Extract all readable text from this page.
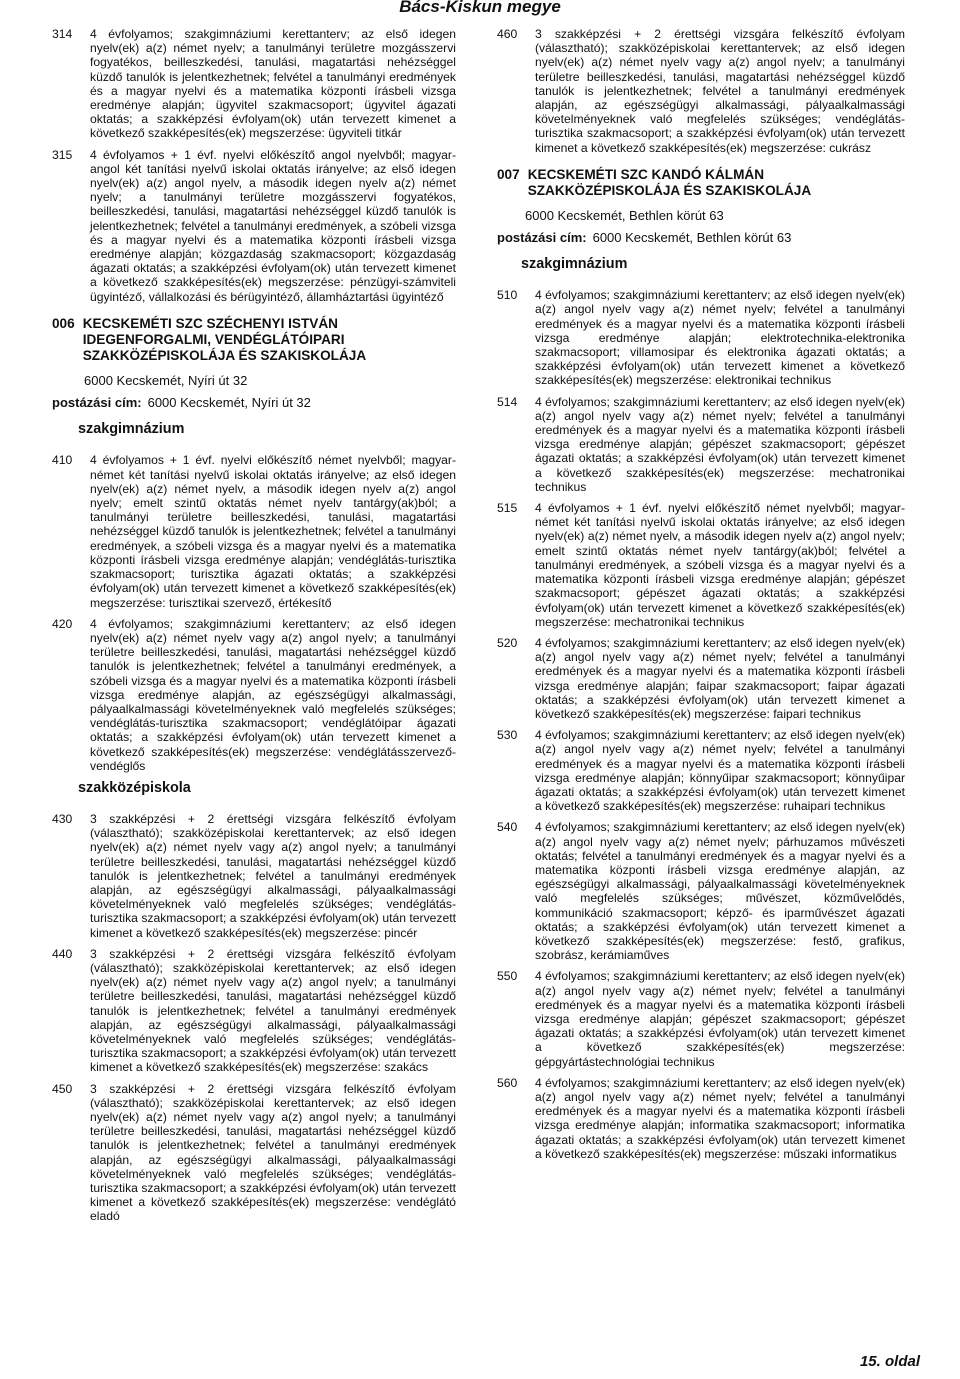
Bács-Kiskun megye
314	4 évfolyamos; szakgimnáziumi kerettanterv; az első idegen nyelv(ek) a(z) német nyelv; a tanulmányi területre mozgásszervi fogyatékos, beilleszkedési, tanulási, magatartási nehézséggel küzdő tanulók is jelentkezhetnek; felvétel a tanulmányi eredmények és a magyar nyelvi és a matematika központi írásbeli vizsga eredménye alapján; ügyvitel szakmacsoport; ügyvitel ágazati oktatás; a szakképzési évfolyam(ok) után tervezett kimenet a következő szakképesítés(ek) megszerzése: ügyviteli titkár
315	4 évfolyamos + 1 évf. nyelvi előkészítő angol nyelvből; magyar-angol két tanítási nyelvű iskolai oktatás irányelve; az első idegen nyelv(ek) a(z) angol nyelv, a második idegen nyelv a(z) német nyelv; a tanulmányi területre mozgásszervi fogyatékos, beilleszkedési, tanulási, magatartási nehézséggel küzdő tanulók is jelentkezhetnek; felvétel a tanulmányi eredmények, a szóbeli vizsga és a magyar nyelvi és a matematika központi írásbeli vizsga eredménye alapján; közgazdaság szakmacsoport; közgazdaság ágazati oktatás; a szakképzési évfolyam(ok) után tervezett kimenet a következő szakképesítés(ek) megszerzése: pénzügyi-számviteli ügyintéző, vállalkozási és bérügyintéző, államháztartási ügyintéző
006 KECSKEMÉTI SZC SZÉCHENYI ISTVÁN
IDEGENFORGALMI, VENDÉGLÁTÓIPARI
SZAKKÖZÉPISKOLÁJA ÉS SZAKISKOLÁJA
6000 Kecskemét, Nyíri út 32
postázási cím: 6000 Kecskemét, Nyíri út 32
szakgimnázium
410	4 évfolyamos + 1 évf. nyelvi előkészítő német nyelvből; magyar-német két tanítási nyelvű iskolai oktatás irányelve; az első idegen nyelv(ek) a(z) német nyelv, a második idegen nyelv a(z) angol nyelv; emelt szintű oktatás német nyelv tantárgy(ak)ból; a tanulmányi területre beilleszkedési, tanulási, magatartási nehézséggel küzdő tanulók is jelentkezhetnek; felvétel a tanulmányi eredmények, a szóbeli vizsga és a magyar nyelvi és a matematika központi írásbeli vizsga eredménye alapján; vendéglátás-turisztika szakmacsoport; turisztika ágazati oktatás; a szakképzési évfolyam(ok) után tervezett kimenet a következő szakképesítés(ek) megszerzése: turisztikai szervező, értékesítő
420	4 évfolyamos; szakgimnáziumi kerettanterv; az első idegen nyelv(ek) a(z) német nyelv vagy a(z) angol nyelv; a tanulmányi területre beilleszkedési, tanulási, magatartási nehézséggel küzdő tanulók is jelentkezhetnek; felvétel a tanulmányi eredmények, a szóbeli vizsga és a magyar nyelvi és a matematika központi írásbeli vizsga eredménye alapján, az egészségügyi alkalmassági, pályaalkalmassági követelményeknek való megfelelés szükséges; vendéglátás-turisztika szakmacsoport; vendéglátóipar ágazati oktatás; a szakképzési évfolyam(ok) után tervezett kimenet a következő szakképesítés(ek) megszerzése: vendéglátásszervező-vendéglős
szakközépiskola
430	3 szakképzési + 2 érettségi vizsgára felkészítő évfolyam (választható); szakközépiskolai kerettantervek; az első idegen nyelv(ek) a(z) német nyelv vagy a(z) angol nyelv; a tanulmányi területre beilleszkedési, tanulási, magatartási nehézséggel küzdő tanulók is jelentkezhetnek; felvétel a tanulmányi eredmények alapján, az egészségügyi alkalmassági, pályaalkalmassági követelményeknek való megfelelés szükséges; vendéglátás-turisztika szakmacsoport; a szakképzési évfolyam(ok) után tervezett kimenet a következő szakképesítés(ek) megszerzése: pincér
440	3 szakképzési + 2 érettségi vizsgára felkészítő évfolyam (választható); szakközépiskolai kerettantervek; az első idegen nyelv(ek) a(z) német nyelv vagy a(z) angol nyelv; a tanulmányi területre beilleszkedési, tanulási, magatartási nehézséggel küzdő tanulók is jelentkezhetnek; felvétel a tanulmányi eredmények alapján, az egészségügyi alkalmassági, pályaalkalmassági követelményeknek való megfelelés szükséges; vendéglátás-turisztika szakmacsoport; a szakképzési évfolyam(ok) után tervezett kimenet a következő szakképesítés(ek) megszerzése: szakács
450	3 szakképzési + 2 érettségi vizsgára felkészítő évfolyam (választható); szakközépiskolai kerettantervek; az első idegen nyelv(ek) a(z) német nyelv vagy a(z) angol nyelv; a tanulmányi területre beilleszkedési, tanulási, magatartási nehézséggel küzdő tanulók is jelentkezhetnek; felvétel a tanulmányi eredmények alapján, az egészségügyi alkalmassági, pályaalkalmassági követelményeknek való megfelelés szükséges; vendéglátás-turisztika szakmacsoport; a szakképzési évfolyam(ok) után tervezett kimenet a következő szakképesítés(ek) megszerzése: vendéglátó eladó
460	3 szakképzési + 2 érettségi vizsgára felkészítő évfolyam (választható); szakközépiskolai kerettantervek; az első idegen nyelv(ek) a(z) német nyelv vagy a(z) angol nyelv; a tanulmányi területre beilleszkedési, tanulási, magatartási nehézséggel küzdő tanulók is jelentkezhetnek; felvétel a tanulmányi eredmények alapján, az egészségügyi alkalmassági, pályaalkalmassági követelményeknek való megfelelés szükséges; vendéglátás-turisztika szakmacsoport; a szakképzési évfolyam(ok) után tervezett kimenet a következő szakképesítés(ek) megszerzése: cukrász
007 KECSKEMÉTI SZC KANDÓ KÁLMÁN
SZAKKÖZÉPISKOLÁJA ÉS SZAKISKOLÁJA
6000 Kecskemét, Bethlen körút 63
postázási cím: 6000 Kecskemét, Bethlen körút 63
szakgimnázium
510	4 évfolyamos; szakgimnáziumi kerettanterv; az első idegen nyelv(ek) a(z) angol nyelv vagy a(z) német nyelv; felvétel a tanulmányi eredmények és a magyar nyelvi és a matematika központi írásbeli vizsga eredménye alapján; elektrotechnika-elektronika szakmacsoport; villamosipar és elektronika ágazati oktatás; a szakképzési évfolyam(ok) után tervezett kimenet a következő szakképesítés(ek) megszerzése: elektronikai technikus
514	4 évfolyamos; szakgimnáziumi kerettanterv; az első idegen nyelv(ek) a(z) angol nyelv vagy a(z) német nyelv; felvétel a tanulmányi eredmények és a magyar nyelvi és a matematika központi írásbeli vizsga eredménye alapján; gépészet szakmacsoport; gépészet ágazati oktatás; a szakképzési évfolyam(ok) után tervezett kimenet a következő szakképesítés(ek) megszerzése: mechatronikai technikus
515	4 évfolyamos + 1 évf. nyelvi előkészítő német nyelvből; magyar-német két tanítási nyelvű iskolai oktatás irányelve; az első idegen nyelv(ek) a(z) német nyelv, a második idegen nyelv a(z) angol nyelv; emelt szintű oktatás német nyelv tantárgy(ak)ból; felvétel a tanulmányi eredmények, a szóbeli vizsga és a magyar nyelvi és a matematika központi írásbeli vizsga eredménye alapján; gépészet szakmacsoport; gépészet ágazati oktatás; a szakképzési évfolyam(ok) után tervezett kimenet a következő szakképesítés(ek) megszerzése: mechatronikai technikus
520	4 évfolyamos; szakgimnáziumi kerettanterv; az első idegen nyelv(ek) a(z) angol nyelv vagy a(z) német nyelv; felvétel a tanulmányi eredmények és a magyar nyelvi és a matematika központi írásbeli vizsga eredménye alapján; faipar szakmacsoport; faipar ágazati oktatás; a szakképzési évfolyam(ok) után tervezett kimenet a következő szakképesítés(ek) megszerzése: faipari technikus
530	4 évfolyamos; szakgimnáziumi kerettanterv; az első idegen nyelv(ek) a(z) angol nyelv vagy a(z) német nyelv; felvétel a tanulmányi eredmények és a magyar nyelvi és a matematika központi írásbeli vizsga eredménye alapján; könnyűipar szakmacsoport; könnyűipar ágazati oktatás; a szakképzési évfolyam(ok) után tervezett kimenet a következő szakképesítés(ek) megszerzése: ruhaipari technikus
540	4 évfolyamos; szakgimnáziumi kerettanterv; az első idegen nyelv(ek) a(z) angol nyelv vagy a(z) német nyelv; párhuzamos művészeti oktatás; felvétel a tanulmányi eredmények és a magyar nyelvi és a matematika központi írásbeli vizsga eredménye alapján, az egészségügyi alkalmassági, pályaalkalmassági követelményeknek való megfelelés szükséges; művészet, közművelődés, kommunikáció szakmacsoport; képző- és iparművészet ágazati oktatás; a szakképzési évfolyam(ok) után tervezett kimenet a következő szakképesítés(ek) megszerzése: festő, grafikus, szobrász, kerámiaműves
550	4 évfolyamos; szakgimnáziumi kerettanterv; az első idegen nyelv(ek) a(z) angol nyelv vagy a(z) német nyelv; felvétel a tanulmányi eredmények és a magyar nyelvi és a matematika központi írásbeli vizsga eredménye alapján; gépészet szakmacsoport; gépészet ágazati oktatás; a szakképzési évfolyam(ok) után tervezett kimenet a következő szakképesítés(ek) megszerzése: gépgyártástechnológiai technikus
560	4 évfolyamos; szakgimnáziumi kerettanterv; az első idegen nyelv(ek) a(z) angol nyelv vagy a(z) német nyelv; felvétel a tanulmányi eredmények és a magyar nyelvi és a matematika központi írásbeli vizsga eredménye alapján; informatika szakmacsoport; informatika ágazati oktatás; a szakképzési évfolyam(ok) után tervezett kimenet a következő szakképesítés(ek) megszerzése: műszaki informatikus
15. oldal
